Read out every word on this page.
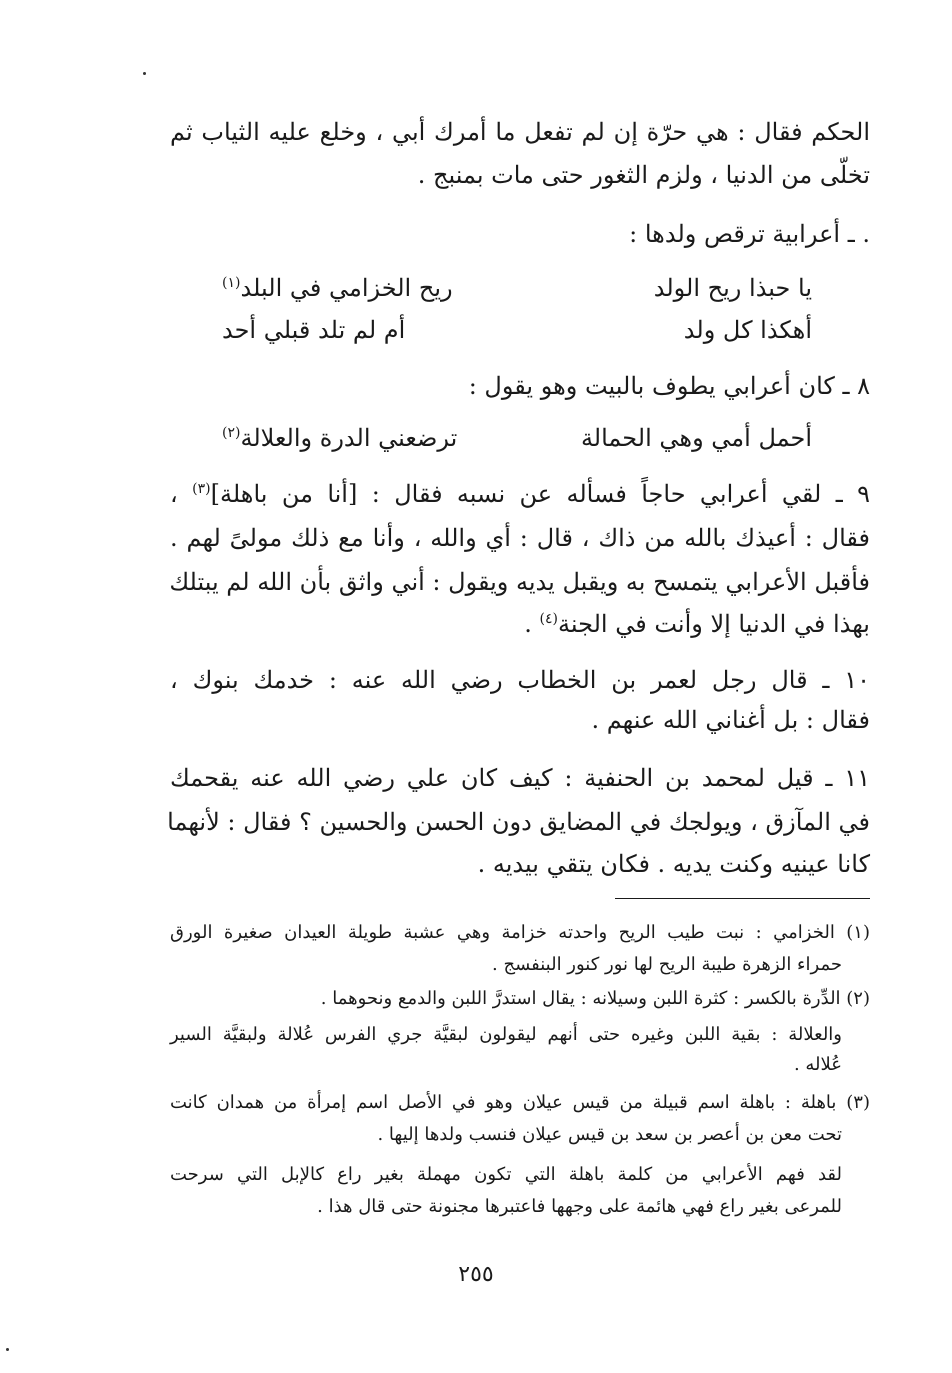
الحكم فقال : هي حرّة إن لم تفعل ما أمرك أبي ، وخلع عليه الثياب ثم
تخلّى من الدنيا ، ولزم الثغور حتى مات بمنبج .
. ـ أعرابية ترقص ولدها :
يا حبذا ريح الولد
ريح الخزامي في البلد$^{(١)}$
أهكذا كل ولد
أم لم تلد قبلي أحد
٨ ـ كان أعرابي يطوف بالبيت وهو يقول :
أحمل أمي وهي الحمالة
ترضعني الدرة والعلالة$^{(٢)}$
٩ ـ لقي أعرابي حاجاً فسأله عن نسبه فقال : [أنا من باهلة]$^{(٣)}$ ،
فقال : أعيذك بالله من ذاك ، قال : أي والله ، وأنا مع ذلك مولىً لهم .
فأقبل الأعرابي يتمسح به ويقبل يديه ويقول : أني واثق بأن الله لم يبتلك
بهذا في الدنيا إلا وأنت في الجنة$^{(٤)}$ .
١٠ ـ قال رجل لعمر بن الخطاب رضي الله عنه : خدمك بنوك ،
فقال : بل أغناني الله عنهم .
١١ ـ قيل لمحمد بن الحنفية : كيف كان علي رضي الله عنه يقحمك
في المآزق ، ويولجك في المضايق دون الحسن والحسين ؟ فقال : لأنهما
كانا عينيه وكنت يديه . فكان يتقي بيديه .
(١) الخزامي : نبت طيب الريح واحدته خزامة وهي عشبة طويلة العيدان صغيرة الورق
حمراء الزهرة طيبة الريح لها نور كنور البنفسج .
(٢) الدِّرة بالكسر : كثرة اللبن وسيلانه : يقال استدرَّ اللبن والدمع ونحوهما .
والعلالة : بقية اللبن وغيره حتى أنهم ليقولون لبقيَّة جري الفرس عُلالة ولبقيَّة السير
عُلاله .
(٣) باهلة : باهلة اسم قبيلة من قيس عيلان وهو في الأصل اسم إمرأة من همدان كانت
تحت معن بن أعصر بن سعد بن قيس عيلان فنسب ولدها إليها .
لقد فهم الأعرابي من كلمة باهلة التي تكون مهملة بغير راع كالإبل التي سرحت
للمرعى بغير راع فهي هائمة على وجهها فاعتبرها مجنونة حتى قال هذا .
٢٥٥
